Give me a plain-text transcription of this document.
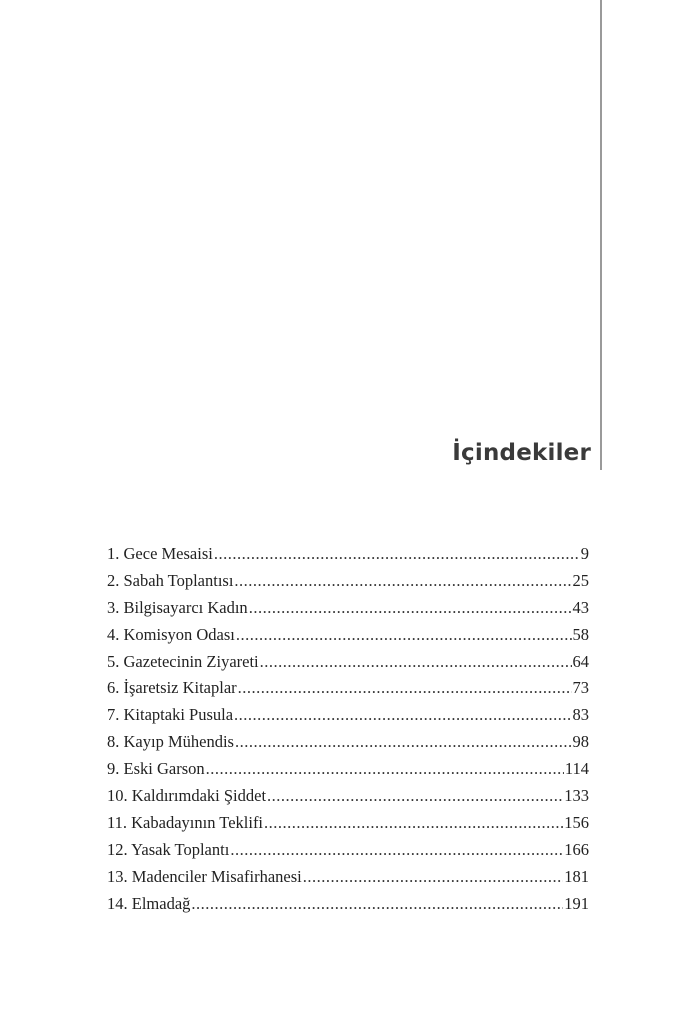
İçindekiler
1. Gece Mesaisi .....	9
2. Sabah Toplantısı .....	25
3. Bilgisayarcı Kadın .....	43
4. Komisyon Odası .....	58
5. Gazetecinin Ziyareti .....	64
6. İşaretsiz Kitaplar .....	73
7. Kitaptaki Pusula .....	83
8. Kayıp Mühendis .....	98
9. Eski Garson .....	114
10. Kaldırımdaki Şiddet .....	133
11. Kabadayının Teklifi .....	156
12. Yasak Toplantı .....	166
13. Madenciler Misafirhanesi .....	181
14. Elmadağ .....	191
